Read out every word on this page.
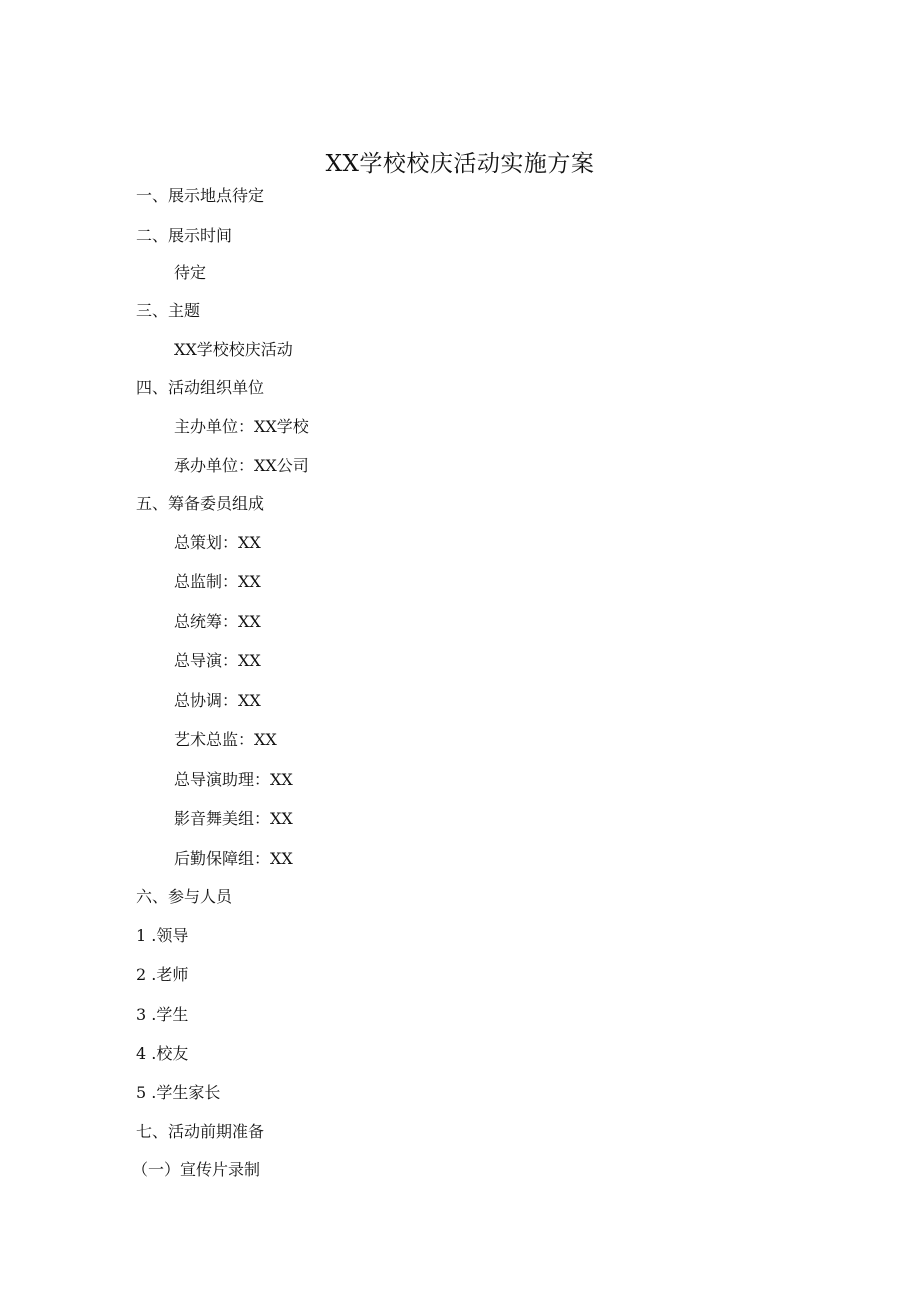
XX学校校庆活动实施方案
一、展示地点待定
二、展示时间
待定
三、主题
XX学校校庆活动
四、活动组织单位
主办单位：XX学校
承办单位：XX公司
五、筹备委员组成
总策划：XX
总监制：XX
总统筹：XX
总导演：XX
总协调：XX
艺术总监：XX
总导演助理：XX
影音舞美组：XX
后勤保障组：XX
六、参与人员
1 .领导
2 .老师
3 .学生
4 .校友
5 .学生家长
七、活动前期准备
（一）宣传片录制
